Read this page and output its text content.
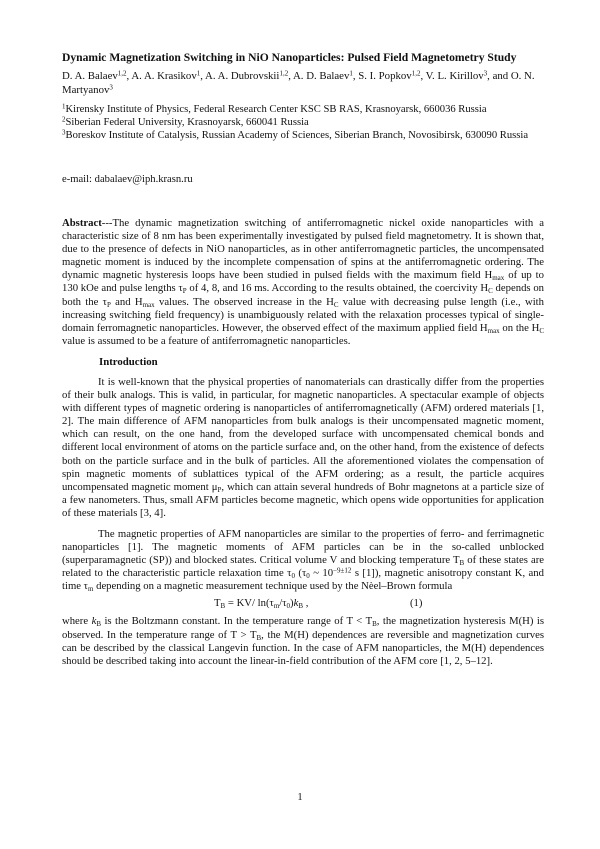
Dynamic Magnetization Switching in NiO Nanoparticles: Pulsed Field Magnetometry Study

D. A. Balaev$^{1,2}$, A. A. Krasikov$^1$, A. A. Dubrovskii$^{1,2}$, A. D. Balaev$^1$, S. I. Popkov$^{1,2}$, V. L. Kirillov$^3$, and O. N. Martyanov$^3$

$^1$Kirensky Institute of Physics, Federal Research Center KSC SB RAS, Krasnoyarsk, 660036 Russia

$^2$Siberian Federal University, Krasnoyarsk, 660041 Russia

$^3$Boreskov Institute of Catalysis, Russian Academy of Sciences, Siberian Branch, Novosibirsk, 630090 Russia

e-mail: dabalaev@iph.krasn.ru

Abstract---The dynamic magnetization switching of antiferromagnetic nickel oxide nanoparticles with a characteristic size of 8 nm has been experimentally investigated by pulsed field magnetometry. It is shown that, due to the presence of defects in NiO nanoparticles, as in other antiferromagnetic particles, the uncompensated magnetic moment is induced by the incomplete compensation of spins at the antiferromagnetic ordering. The dynamic magnetic hysteresis loops have been studied in pulsed fields with the maximum field $H_{max}$ of up to 130 kOe and pulse lengths $\tau_P$ of 4, 8, and 16 ms. According to the results obtained, the coercivity $H_C$ depends on both the $\tau_P$ and $H_{max}$ values. The observed increase in the $H_C$ value with decreasing pulse length (i.e., with increasing switching field frequency) is unambiguously related with the relaxation processes typical of single-domain ferromagnetic nanoparticles. However, the observed effect of the maximum applied field $H_{max}$ on the $H_C$ value is assumed to be a feature of antiferromagnetic nanoparticles.

Introduction

It is well-known that the physical properties of nanomaterials can drastically differ from the properties of their bulk analogs. This is valid, in particular, for magnetic nanoparticles. A spectacular example of objects with different types of magnetic ordering is nanoparticles of antiferromagnetically (AFM) ordered materials [1, 2]. The main difference of AFM nanoparticles from bulk analogs is their uncompensated magnetic moment, which can result, on the one hand, from the developed surface with uncompensated chemical bonds and different local environment of atoms on the particle surface and, on the other hand, from the existence of defects both on the particle surface and in the bulk of particles. All the aforementioned violates the compensation of spin magnetic moments of sublattices typical of the AFM ordering; as a result, the particle acquires uncompensated magnetic moment $\mu_P$, which can attain several hundreds of Bohr magnetons at a particle size of a few nanometers. Thus, small AFM particles become magnetic, which opens wide opportunities for application of these materials [3, 4].

The magnetic properties of AFM nanoparticles are similar to the properties of ferro- and ferrimagnetic nanoparticles [1]. The magnetic moments of AFM particles can be in the so-called unblocked (superparamagnetic (SP)) and blocked states. Critical volume V and blocking temperature $T_B$ of these states are related to the characteristic particle relaxation time $\tau_0$ ($\tau_0$ ~ $10^{-9\pm 12}$ s [1]), magnetic anisotropy constant K, and time $\tau_m$ depending on a magnetic measurement technique used by the Nèel–Brown formula

$T_B = KV/$ $\ln(\tau_m/\tau_0)k_B$ ,	(1)

where $k_B$ is the Boltzmann constant. In the temperature range of $T < T_B$, the magnetization hysteresis M(H) is observed. In the temperature range of $T > T_B$, the M(H) dependences are reversible and magnetization curves can be described by the classical Langevin function. In the case of AFM nanoparticles, the M(H) dependences should be described taking into account the linear-in-field contribution of the AFM core [1, 2, 5–12].

1
